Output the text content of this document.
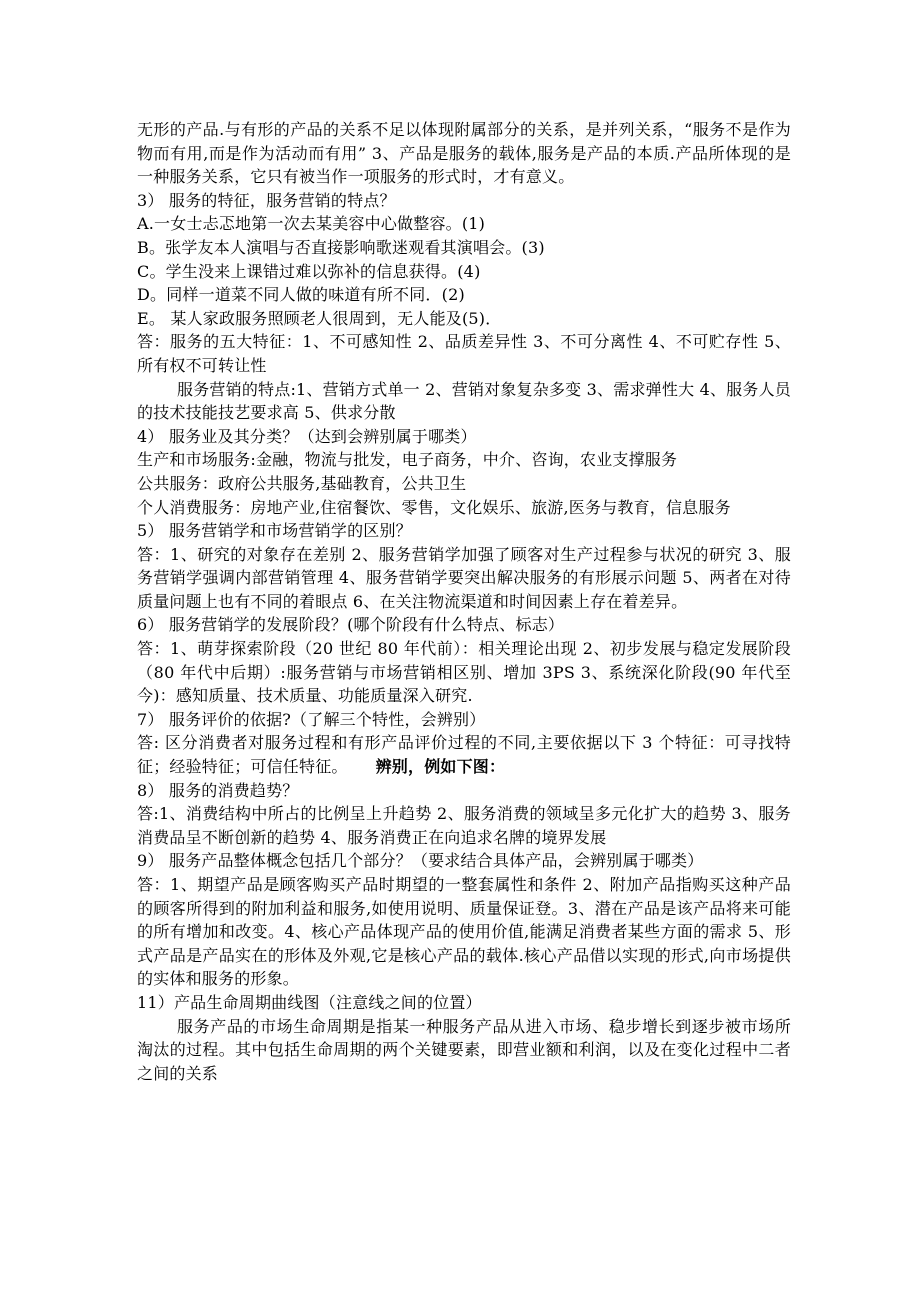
无形的产品.与有形的产品的关系不足以体现附属部分的关系，是并列关系，“服务不是作为物而有用,而是作为活动而有用” 3、产品是服务的载体,服务是产品的本质.产品所体现的是一种服务关系，它只有被当作一项服务的形式时，才有意义。

3） 服务的特征，服务营销的特点？

A.一女士忐忑地第一次去某美容中心做整容。(1)

B。张学友本人演唱与否直接影响歌迷观看其演唱会。(3)

C。学生没来上课错过难以弥补的信息获得。(4)

D。同样一道菜不同人做的味道有所不同．(2)

E。 某人家政服务照顾老人很周到，无人能及(5)．

答：服务的五大特征：1、不可感知性 2、品质差异性 3、不可分离性 4、不可贮存性 5、所有权不可转让性

服务营销的特点:1、营销方式单一 2、营销对象复杂多变 3、需求弹性大 4、服务人员的技术技能技艺要求高 5、供求分散

4） 服务业及其分类？（达到会辨别属于哪类）

生产和市场服务:金融，物流与批发，电子商务，中介、咨询，农业支撑服务

公共服务：政府公共服务,基础教育，公共卫生

个人消费服务：房地产业,住宿餐饮、零售，文化娱乐、旅游,医务与教育，信息服务

5） 服务营销学和市场营销学的区别？

答：1、研究的对象存在差别 2、服务营销学加强了顾客对生产过程参与状况的研究 3、服务营销学强调内部营销管理 4、服务营销学要突出解决服务的有形展示问题 5、两者在对待质量问题上也有不同的着眼点 6、在关注物流渠道和时间因素上存在着差异。

6） 服务营销学的发展阶段？(哪个阶段有什么特点、标志）

答：1、萌芽探索阶段（20 世纪 80 年代前）：相关理论出现 2、初步发展与稳定发展阶段（80 年代中后期）:服务营销与市场营销相区别、增加 3PS 3、系统深化阶段(90 年代至今)：感知质量、技术质量、功能质量深入研究.

7） 服务评价的依据?（了解三个特性，会辨别）

答: 区分消费者对服务过程和有形产品评价过程的不同,主要依据以下 3 个特征：可寻找特征；经验特征；可信任特征。 辨别，例如下图：

8） 服务的消费趋势？

答:1、消费结构中所占的比例呈上升趋势 2、服务消费的领域呈多元化扩大的趋势 3、服务消费品呈不断创新的趋势 4、服务消费正在向追求名牌的境界发展

9） 服务产品整体概念包括几个部分？（要求结合具体产品，会辨别属于哪类）

答：1、期望产品是顾客购买产品时期望的一整套属性和条件 2、附加产品指购买这种产品的顾客所得到的附加利益和服务,如使用说明、质量保证登。3、潜在产品是该产品将来可能的所有增加和改变。4、核心产品体现产品的使用价值,能满足消费者某些方面的需求 5、形式产品是产品实在的形体及外观,它是核心产品的载体.核心产品借以实现的形式,向市场提供的实体和服务的形象。

11）产品生命周期曲线图（注意线之间的位置）

服务产品的市场生命周期是指某一种服务产品从进入市场、稳步增长到逐步被市场所淘汰的过程。其中包括生命周期的两个关键要素，即营业额和利润，以及在变化过程中二者之间的关系
